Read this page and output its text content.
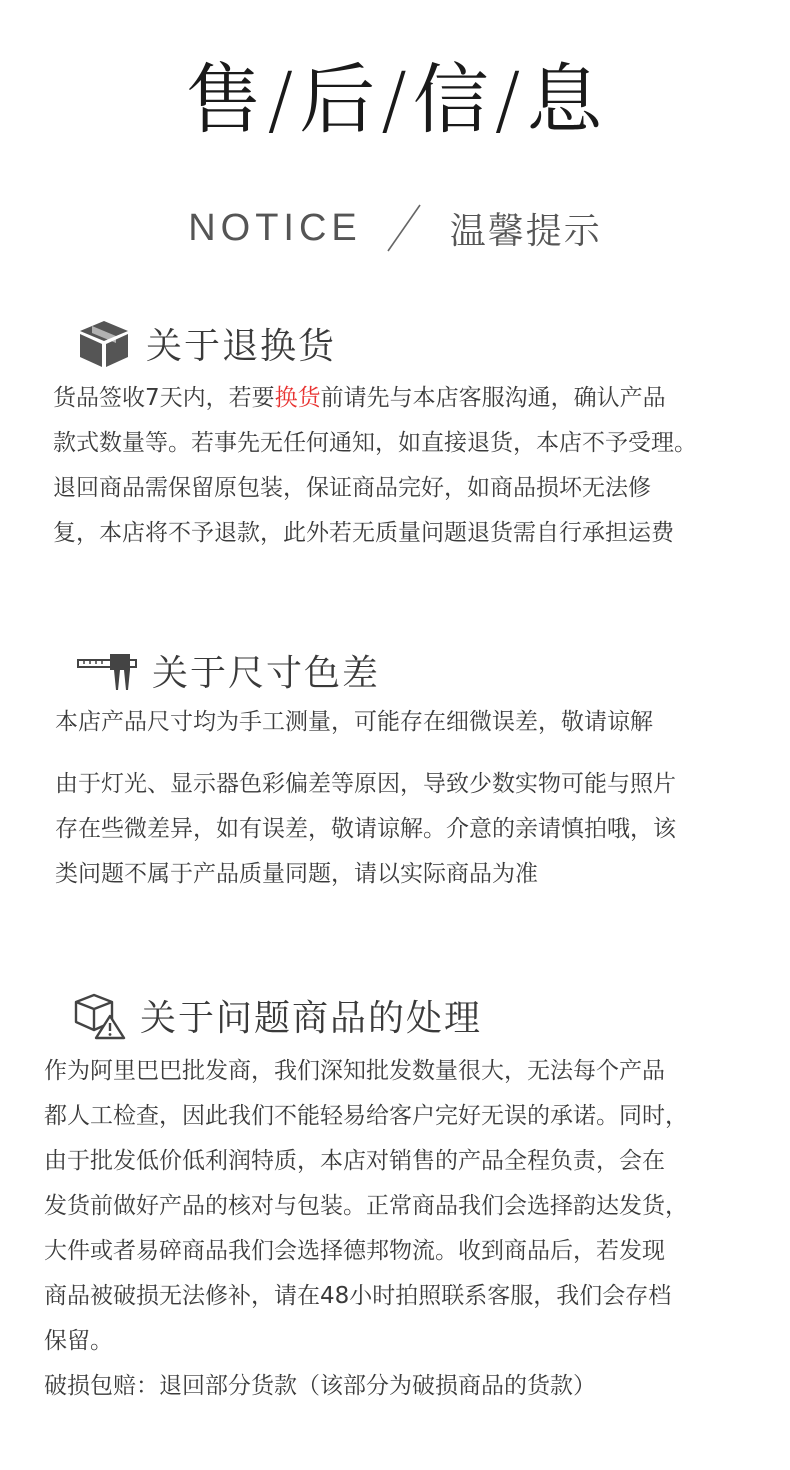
售/后/信/息
NOTICE 温馨提示
关于退换货
货品签收7天内，若要换货前请先与本店客服沟通，确认产品
款式数量等。若事先无任何通知，如直接退货，本店不予受理。
退回商品需保留原包装，保证商品完好，如商品损坏无法修
复，本店将不予退款，此外若无质量问题退货需自行承担运费
关于尺寸色差
本店产品尺寸均为手工测量，可能存在细微误差，敬请谅解
由于灯光、显示器色彩偏差等原因，导致少数实物可能与照片
存在些微差异，如有误差，敬请谅解。介意的亲请慎拍哦，该
类问题不属于产品质量同题，请以实际商品为准
关于问题商品的处理
作为阿里巴巴批发商，我们深知批发数量很大，无法每个产品
都人工检查，因此我们不能轻易给客户完好无误的承诺。同时，
由于批发低价低利润特质，本店对销售的产品全程负责，会在
发货前做好产品的核对与包装。正常商品我们会选择韵达发货，
大件或者易碎商品我们会选择德邦物流。收到商品后，若发现
商品被破损无法修补，请在48小时拍照联系客服，我们会存档
保留。
破损包赔：退回部分货款（该部分为破损商品的货款）
